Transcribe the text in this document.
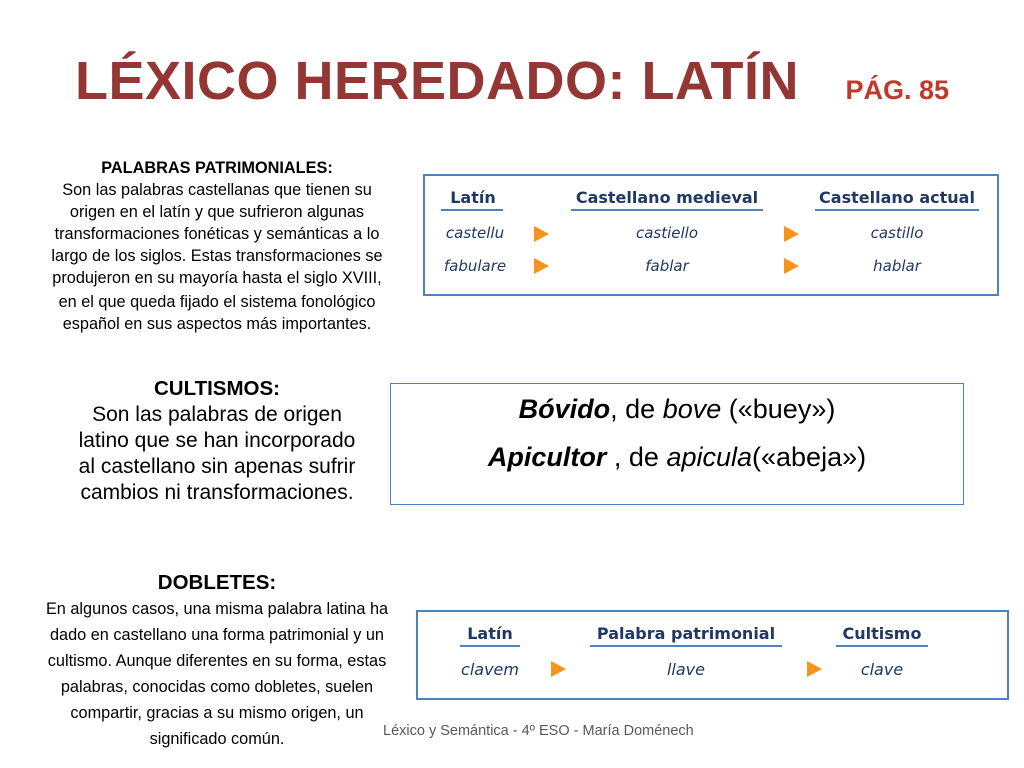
LÉXICO HEREDADO: LATÍN PÁG. 85
PALABRAS PATRIMONIALES:
Son las palabras castellanas que tienen su
origen en el latín y que sufrieron algunas
transformaciones fonéticas y semánticas a lo
largo de los siglos. Estas transformaciones se
produjeron en su mayoría hasta el siglo XVIII,
en el que queda fijado el sistema fonológico
español en sus aspectos más importantes.
Latín	Castellano medieval	Castellano actual
castellu	castiello	castillo
fabulare	fablar	hablar
CULTISMOS:
Son las palabras de origen
latino que se han incorporado
al castellano sin apenas sufrir
cambios ni transformaciones.
Bóvido, de bove («buey»)
Apicultor , de apicula(«abeja»)
DOBLETES:
En algunos casos, una misma palabra latina ha
dado en castellano una forma patrimonial y un
cultismo. Aunque diferentes en su forma, estas
palabras, conocidas como dobletes, suelen
compartir, gracias a su mismo origen, un
significado común.
Latín	Palabra patrimonial	Cultismo
clavem	llave	clave
Léxico y Semántica - 4º ESO - María Doménech
